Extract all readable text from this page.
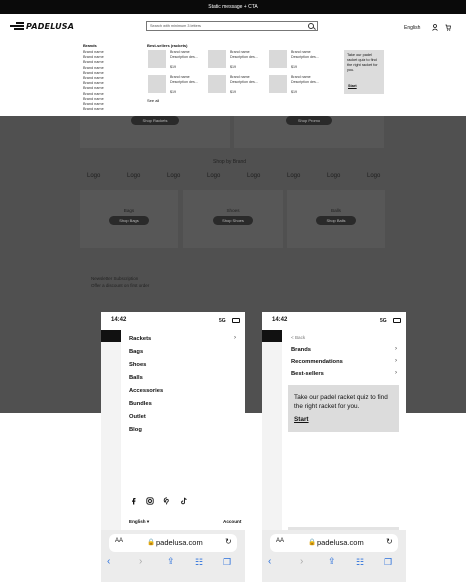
Static message + CTA
PADELUSA	Search with minimum 3 letters	English
Brands
Brand name
Brand name
Brand name
Brand name
Brand name
Brand name
Brand name
Brand name
Brand name
Brand name
Brand name
Brand name
Best-sellers (rackets)
Brand name
Description des...
$19
Brand name
Description des...
$19
Brand name
Description des...
$19
Brand name
Description des...
$19
Brand name
Description des...
$19
Brand name
Description des...
$19
See all
Take our padel racket quiz to find the right racket for you.
Start
Shop Rackets	Shop Promo
Shop by Brand
Logo	Logo	Logo	Logo	Logo	Logo	Logo	Logo
Bags
Shop Bags
Shoes
Shop Shoes
Balls
Shop Balls
Newsletter Subscription
Offer a discount on first order
14:42	5G
English ▾	Account
AA	🔒 padelusa.com	↻
‹	›	⇪ ☷ ❐
Rackets
Bags
Shoes
Balls
Accessories
Bundles
Outlet
Blog
›
14:42	5G
< Back
Take our padel racket quiz to find the right racket for you.
Start
AA	🔒 padelusa.com	↻
‹	›	⇪ ☷ ❐
Brands	›
Recommendations	›
Best-sellers	›
